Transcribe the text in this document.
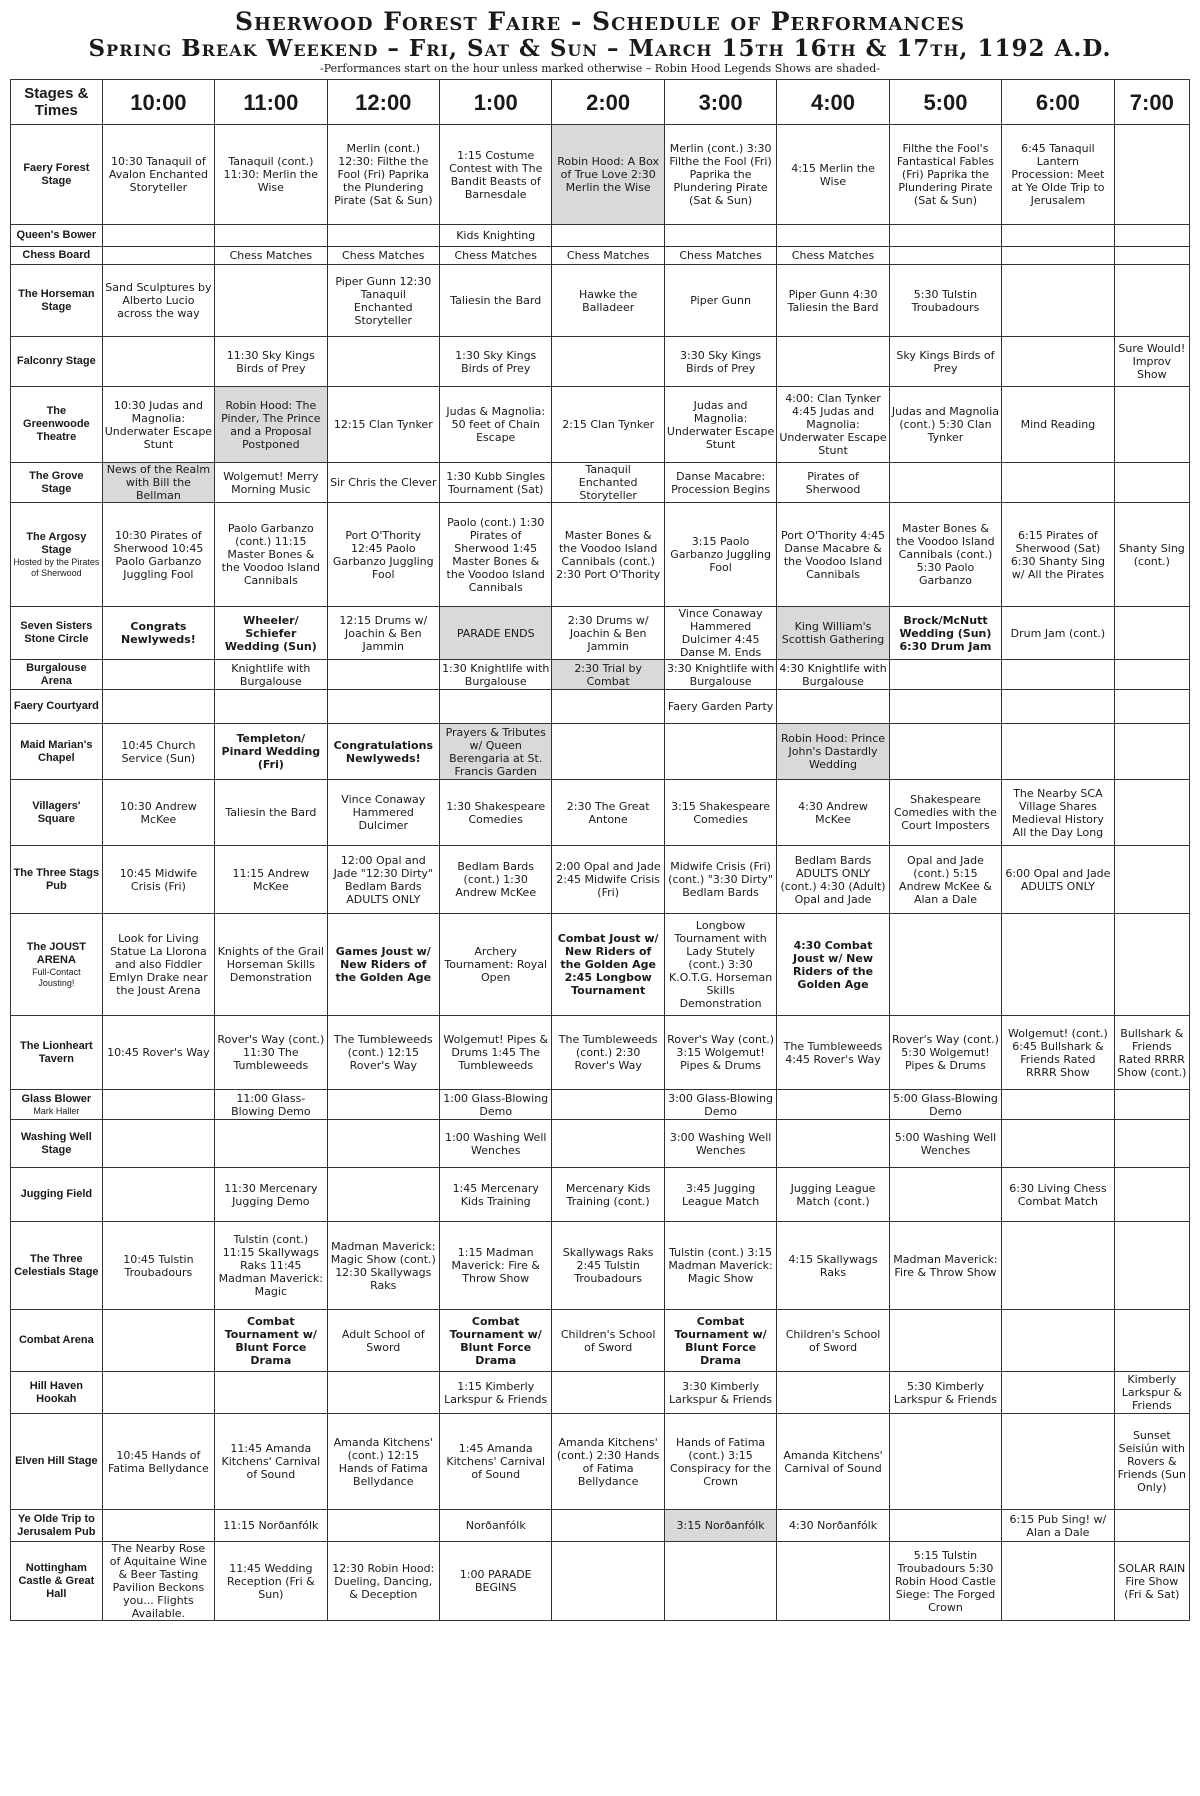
Sherwood Forest Faire - Schedule of Performances
Spring Break Weekend – Fri, Sat & Sun – March 15th 16th & 17th, 1192 A.D.

-Performances start on the hour unless marked otherwise – Robin Hood Legends Shows are shaded-

Stages & Times	10:00	11:00	12:00	1:00	2:00	3:00	4:00	5:00	6:00	7:00

Faery Forest Stage	10:30 Tanaquil of Avalon Enchanted Storyteller	Tanaquil (cont.) 11:30: Merlin the Wise	Merlin (cont.) 12:30: Filthe the Fool (Fri) Paprika the Plundering Pirate (Sat & Sun)	1:15 Costume Contest with The Bandit Beasts of Barnesdale	Robin Hood: A Box of True Love 2:30 Merlin the Wise	Merlin (cont.) 3:30 Filthe the Fool (Fri) Paprika the Plundering Pirate (Sat & Sun)	4:15 Merlin the Wise	Filthe the Fool's Fantastical Fables (Fri) Paprika the Plundering Pirate (Sat & Sun)	6:45 Tanaquil Lantern Procession: Meet at Ye Olde Trip to Jerusalem	

Queen's Bower				Kids Knighting						

Chess Board		Chess Matches	Chess Matches	Chess Matches	Chess Matches	Chess Matches	Chess Matches			

The Horseman Stage	Sand Sculptures by Alberto Lucio across the way		Piper Gunn 12:30 Tanaquil Enchanted Storyteller	Taliesin the Bard	Hawke the Balladeer	Piper Gunn	Piper Gunn 4:30 Taliesin the Bard	5:30 Tulstin Troubadours		

Falconry Stage		11:30 Sky Kings Birds of Prey		1:30 Sky Kings Birds of Prey		3:30 Sky Kings Birds of Prey		Sky Kings Birds of Prey		Sure Would! Improv Show

The Greenwoode Theatre	10:30 Judas and Magnolia: Underwater Escape Stunt	Robin Hood: The Pinder, The Prince and a Proposal Postponed	12:15 Clan Tynker	Judas & Magnolia: 50 feet of Chain Escape	2:15 Clan Tynker	Judas and Magnolia: Underwater Escape Stunt	4:00: Clan Tynker 4:45 Judas and Magnolia: Underwater Escape Stunt	Judas and Magnolia (cont.) 5:30 Clan Tynker	Mind Reading	

The Grove Stage	News of the Realm with Bill the Bellman	Wolgemut! Merry Morning Music	Sir Chris the Clever	1:30 Kubb Singles Tournament (Sat)	Tanaquil Enchanted Storyteller	Danse Macabre: Procession Begins	Pirates of Sherwood			

The Argosy Stage
Hosted by the Pirates of Sherwood	10:30 Pirates of Sherwood 10:45 Paolo Garbanzo Juggling Fool	Paolo Garbanzo (cont.) 11:15 Master Bones & the Voodoo Island Cannibals	Port O'Thority 12:45 Paolo Garbanzo Juggling Fool	Paolo (cont.) 1:30 Pirates of Sherwood 1:45 Master Bones & the Voodoo Island Cannibals	Master Bones & the Voodoo Island Cannibals (cont.) 2:30 Port O'Thority	3:15 Paolo Garbanzo Juggling Fool	Port O'Thority 4:45 Danse Macabre & the Voodoo Island Cannibals	Master Bones & the Voodoo Island Cannibals (cont.) 5:30 Paolo Garbanzo	6:15 Pirates of Sherwood (Sat) 6:30 Shanty Sing w/ All the Pirates	Shanty Sing (cont.)

Seven Sisters Stone Circle	Congrats Newlyweds!	Wheeler/ Schiefer Wedding (Sun)	12:15 Drums w/ Joachin & Ben Jammin	PARADE ENDS	2:30 Drums w/ Joachin & Ben Jammin	Vince Conaway Hammered Dulcimer 4:45 Danse M. Ends	King William's Scottish Gathering	Brock/McNutt Wedding (Sun) 6:30 Drum Jam	Drum Jam (cont.)	

Burgalouse Arena		Knightlife with Burgalouse		1:30 Knightlife with Burgalouse	2:30 Trial by Combat	3:30 Knightlife with Burgalouse	4:30 Knightlife with Burgalouse			

Faery Courtyard						Faery Garden Party				

Maid Marian's Chapel	10:45 Church Service (Sun)	Templeton/ Pinard Wedding (Fri)	Congratulations Newlyweds!	Prayers & Tributes w/ Queen Berengaria at St. Francis Garden			Robin Hood: Prince John's Dastardly Wedding			

Villagers' Square	10:30 Andrew McKee	Taliesin the Bard	Vince Conaway Hammered Dulcimer	1:30 Shakespeare Comedies	2:30 The Great Antone	3:15 Shakespeare Comedies	4:30 Andrew McKee	Shakespeare Comedies with the Court Imposters	The Nearby SCA Village Shares Medieval History All the Day Long	

The Three Stags Pub	10:45 Midwife Crisis (Fri)	11:15 Andrew McKee	12:00 Opal and Jade "12:30 Dirty" Bedlam Bards ADULTS ONLY	Bedlam Bards (cont.) 1:30 Andrew McKee	2:00 Opal and Jade 2:45 Midwife Crisis (Fri)	Midwife Crisis (Fri) (cont.) "3:30 Dirty" Bedlam Bards	Bedlam Bards ADULTS ONLY (cont.) 4:30 (Adult) Opal and Jade	Opal and Jade (cont.) 5:15 Andrew McKee & Alan a Dale	6:00 Opal and Jade ADULTS ONLY	

The JOUST ARENA
Full-Contact Jousting!	Look for Living Statue La Llorona and also Fiddler Emlyn Drake near the Joust Arena	Knights of the Grail Horseman Skills Demonstration	Games Joust w/ New Riders of the Golden Age	Archery Tournament: Royal Open	Combat Joust w/ New Riders of the Golden Age 2:45 Longbow Tournament	Longbow Tournament with Lady Stutely (cont.) 3:30 K.O.T.G. Horseman Skills Demonstration	4:30 Combat Joust w/ New Riders of the Golden Age			

The Lionheart Tavern	10:45 Rover's Way	Rover's Way (cont.) 11:30 The Tumbleweeds	The Tumbleweeds (cont.) 12:15 Rover's Way	Wolgemut! Pipes & Drums 1:45 The Tumbleweeds	The Tumbleweeds (cont.) 2:30 Rover's Way	Rover's Way (cont.) 3:15 Wolgemut! Pipes & Drums	The Tumbleweeds 4:45 Rover's Way	Rover's Way (cont.) 5:30 Wolgemut! Pipes & Drums	Wolgemut! (cont.) 6:45 Bullshark & Friends Rated RRRR Show	Bullshark & Friends Rated RRRR Show (cont.)

Glass Blower
Mark Haller		11:00 Glass-Blowing Demo		1:00 Glass-Blowing Demo		3:00 Glass-Blowing Demo		5:00 Glass-Blowing Demo		

Washing Well Stage				1:00 Washing Well Wenches		3:00 Washing Well Wenches		5:00 Washing Well Wenches		

Jugging Field		11:30 Mercenary Jugging Demo		1:45 Mercenary Kids Training	Mercenary Kids Training (cont.)	3:45 Jugging League Match	Jugging League Match (cont.)		6:30 Living Chess Combat Match	

The Three Celestials Stage	10:45 Tulstin Troubadours	Tulstin (cont.) 11:15 Skallywags Raks 11:45 Madman Maverick: Magic	Madman Maverick: Magic Show (cont.) 12:30 Skallywags Raks	1:15 Madman Maverick: Fire & Throw Show	Skallywags Raks 2:45 Tulstin Troubadours	Tulstin (cont.) 3:15 Madman Maverick: Magic Show	4:15 Skallywags Raks	Madman Maverick: Fire & Throw Show		

Combat Arena		Combat Tournament w/ Blunt Force Drama	Adult School of Sword	Combat Tournament w/ Blunt Force Drama	Children's School of Sword	Combat Tournament w/ Blunt Force Drama	Children's School of Sword			

Hill Haven Hookah				1:15 Kimberly Larkspur & Friends		3:30 Kimberly Larkspur & Friends		5:30 Kimberly Larkspur & Friends		Kimberly Larkspur & Friends

Elven Hill Stage	10:45 Hands of Fatima Bellydance	11:45 Amanda Kitchens' Carnival of Sound	Amanda Kitchens' (cont.) 12:15 Hands of Fatima Bellydance	1:45 Amanda Kitchens' Carnival of Sound	Amanda Kitchens' (cont.) 2:30 Hands of Fatima Bellydance	Hands of Fatima (cont.) 3:15 Conspiracy for the Crown	Amanda Kitchens' Carnival of Sound			Sunset Seisiún with Rovers & Friends (Sun Only)

Ye Olde Trip to Jerusalem Pub		11:15 Norðanfólk		Norðanfólk		3:15 Norðanfólk	4:30 Norðanfólk		6:15 Pub Sing! w/ Alan a Dale	

Nottingham Castle & Great Hall	The Nearby Rose of Aquitaine Wine & Beer Tasting Pavilion Beckons you... Flights Available.	11:45 Wedding Reception (Fri & Sun)	12:30 Robin Hood: Dueling, Dancing, & Deception	1:00 PARADE BEGINS				5:15 Tulstin Troubadours 5:30 Robin Hood Castle Siege: The Forged Crown		SOLAR RAIN Fire Show (Fri & Sat)
